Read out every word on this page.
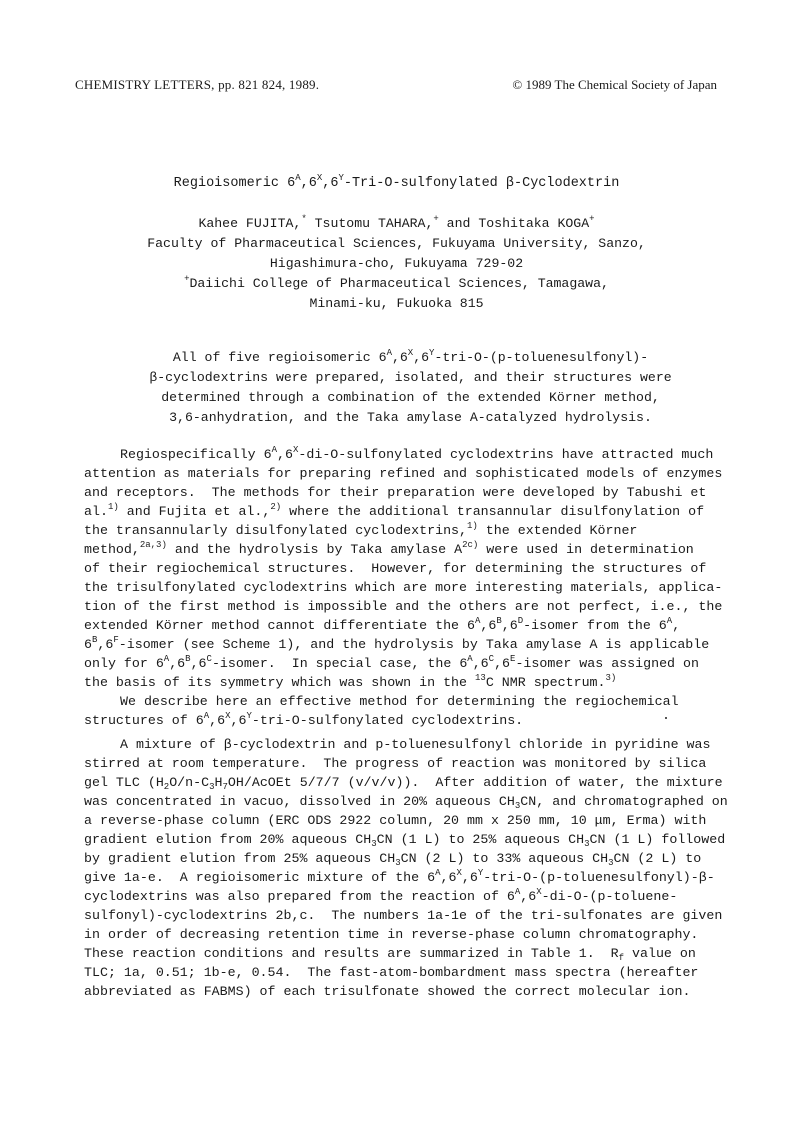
CHEMISTRY LETTERS, pp. 821 824, 1989.	© 1989 The Chemical Society of Japan
Regioisomeric $6^A,6^X,6^Y-Tri-O$-sulfonylated β-Cyclodextrin
Kahee FUJITA,* Tsutomu TAHARA,+ and Toshitaka KOGA+
Faculty of Pharmaceutical Sciences, Fukuyama University, Sanzo,
Higashimura-cho, Fukuyama 729-02
+Daiichi College of Pharmaceutical Sciences, Tamagawa,
Minami-ku, Fukuoka 815
All of five regioisomeric $6^A,6^X,6^Y-tri-O-(p-toluenesulfonyl)-$
β-cyclodextrins were prepared, isolated, and their structures were
determined through a combination of the extended Körner method,
3,6-anhydration, and the Taka amylase A-catalyzed hydrolysis.
Regiospecifically $6^A,6^X-di-O$-sulfonylated cyclodextrins have attracted much
attention as materials for preparing refined and sophisticated models of enzymes
and receptors.  The methods for their preparation were developed by Tabushi et
al.$^{1)}$ and Fujita et al.,$^{2)}$ where the additional transannular disulfonylation of
the transannularly disulfonylated cyclodextrins,$^{1)}$ the extended Körner
method,$^{2a,3)}$ and the hydrolysis by Taka amylase $A^{2c)}$ were used in determination
of their regiochemical structures.  However, for determining the structures of
the trisulfonylated cyclodextrins which are more interesting materials, applica-
tion of the first method is impossible and the others are not perfect, i.e., the
extended Körner method cannot differentiate the $6^A,6^B,6^D$-isomer from the $6^A$,
$6^B,6^F$-isomer (see Scheme 1), and the hydrolysis by Taka amylase A is applicable
only for $6^A,6^B,6^C$-isomer.  In special case, the $6^A,6^C,6^E$-isomer was assigned on
the basis of its symmetry which was shown in the $^{13}$C NMR spectrum.$^{3)}$
We describe here an effective method for determining the regiochemical
structures of $6^A,6^X,6^Y-tri-O$-sulfonylated cyclodextrins.
A mixture of β-cyclodextrin and p-toluenesulfonyl chloride in pyridine was
stirred at room temperature.  The progress of reaction was monitored by silica
gel TLC ($H_2O/n-C_3H_7OH$/AcOEt 5/7/7 (v/v/v)).  After addition of water, the mixture
was concentrated in vacuo, dissolved in 20% aqueous $CH_3CN$, and chromatographed on
a reverse-phase column (ERC ODS 2922 column, 20 mm x 250 mm, 10 μm, Erma) with
gradient elution from 20% aqueous $CH_3CN$ (1 L) to 25% aqueous $CH_3CN$ (1 L) followed
by gradient elution from 25% aqueous $CH_3CN$ (2 L) to 33% aqueous $CH_3CN$ (2 L) to
give 1a-e.  A regioisomeric mixture of the $6^A,6^X,6^Y-tri-O-(p-toluenesulfonyl)-\beta-$
cyclodextrins was also prepared from the reaction of $6^A,6^X-di-O-(p-toluene-$
sulfonyl)-cyclodextrins 2b,c.  The numbers 1a-1e of the tri-sulfonates are given
in order of decreasing retention time in reverse-phase column chromatography.
These reaction conditions and results are summarized in Table 1.  $R_f$ value on
TLC; 1a, 0.51; 1b-e, 0.54.  The fast-atom-bombardment mass spectra (hereafter
abbreviated as FABMS) of each trisulfonate showed the correct molecular ion.
